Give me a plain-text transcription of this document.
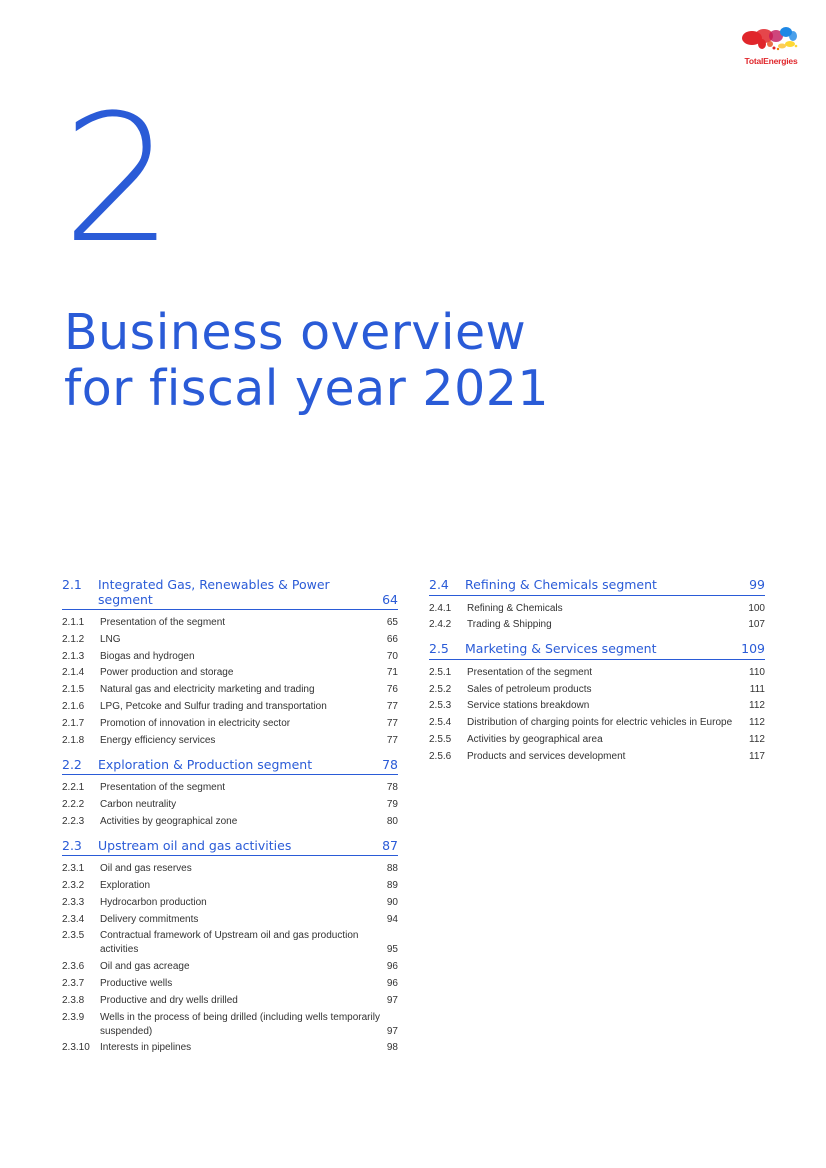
TotalEnergies
2
Business overview
for fiscal year 2021
2.1	Integrated Gas, Renewables & Power segment	64
2.1.1	Presentation of the segment	65
2.1.2	LNG	66
2.1.3	Biogas and hydrogen	70
2.1.4	Power production and storage	71
2.1.5	Natural gas and electricity marketing and trading	76
2.1.6	LPG, Petcoke and Sulfur trading and transportation	77
2.1.7	Promotion of innovation in electricity sector	77
2.1.8	Energy efficiency services	77
2.2	Exploration & Production segment	78
2.2.1	Presentation of the segment	78
2.2.2	Carbon neutrality	79
2.2.3	Activities by geographical zone	80
2.3	Upstream oil and gas activities	87
2.3.1	Oil and gas reserves	88
2.3.2	Exploration	89
2.3.3	Hydrocarbon production	90
2.3.4	Delivery commitments	94
2.3.5	Contractual framework of Upstream oil and gas production activities	95
2.3.6	Oil and gas acreage	96
2.3.7	Productive wells	96
2.3.8	Productive and dry wells drilled	97
2.3.9	Wells in the process of being drilled (including wells temporarily suspended)	97
2.3.10	Interests in pipelines	98
2.4	Refining & Chemicals segment	99
2.4.1	Refining & Chemicals	100
2.4.2	Trading & Shipping	107
2.5	Marketing & Services segment	109
2.5.1	Presentation of the segment	110
2.5.2	Sales of petroleum products	111
2.5.3	Service stations breakdown	112
2.5.4	Distribution of charging points for electric vehicles in Europe	112
2.5.5	Activities by geographical area	112
2.5.6	Products and services development	117
